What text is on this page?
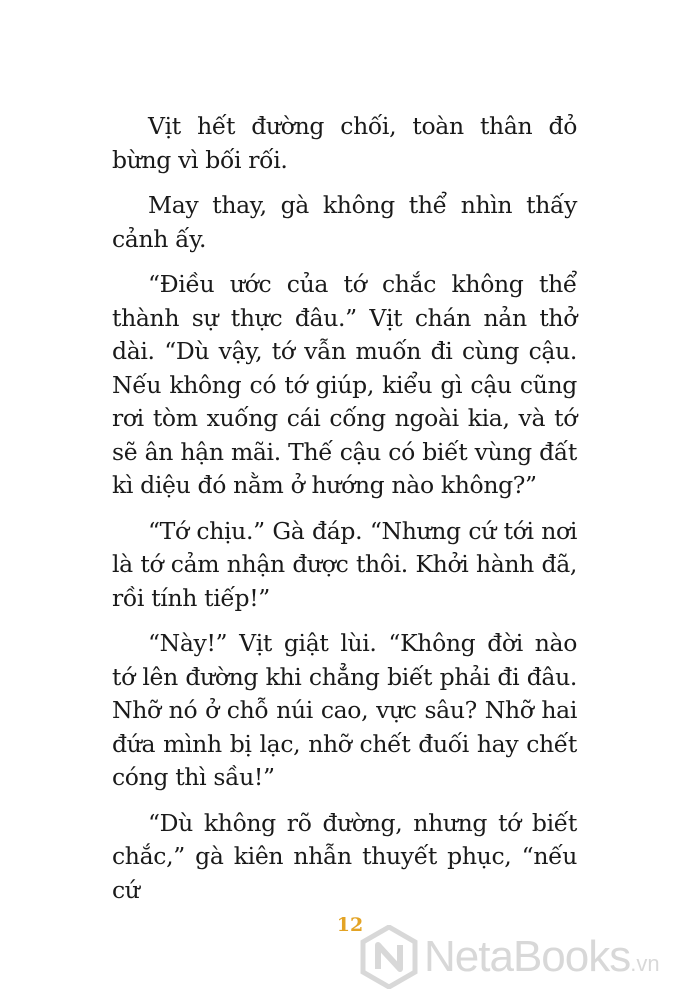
Vịt hết đường chối, toàn thân đỏ bừng vì bối rối.

May thay, gà không thể nhìn thấy cảnh ấy.

“Điều ước của tớ chắc không thể thành sự thực đâu.” Vịt chán nản thở dài. “Dù vậy, tớ vẫn muốn đi cùng cậu. Nếu không có tớ giúp, kiểu gì cậu cũng rơi tòm xuống cái cống ngoài kia, và tớ sẽ ân hận mãi. Thế cậu có biết vùng đất kì diệu đó nằm ở hướng nào không?”

“Tớ chịu.” Gà đáp. “Nhưng cứ tới nơi là tớ cảm nhận được thôi. Khởi hành đã, rồi tính tiếp!”

“Này!” Vịt giật lùi. “Không đời nào tớ lên đường khi chẳng biết phải đi đâu. Nhỡ nó ở chỗ núi cao, vực sâu? Nhỡ hai đứa mình bị lạc, nhỡ chết đuối hay chết cóng thì sầu!”

“Dù không rõ đường, nhưng tớ biết chắc,” gà kiên nhẫn thuyết phục, “nếu cứ

12
NetaBooks.vn
